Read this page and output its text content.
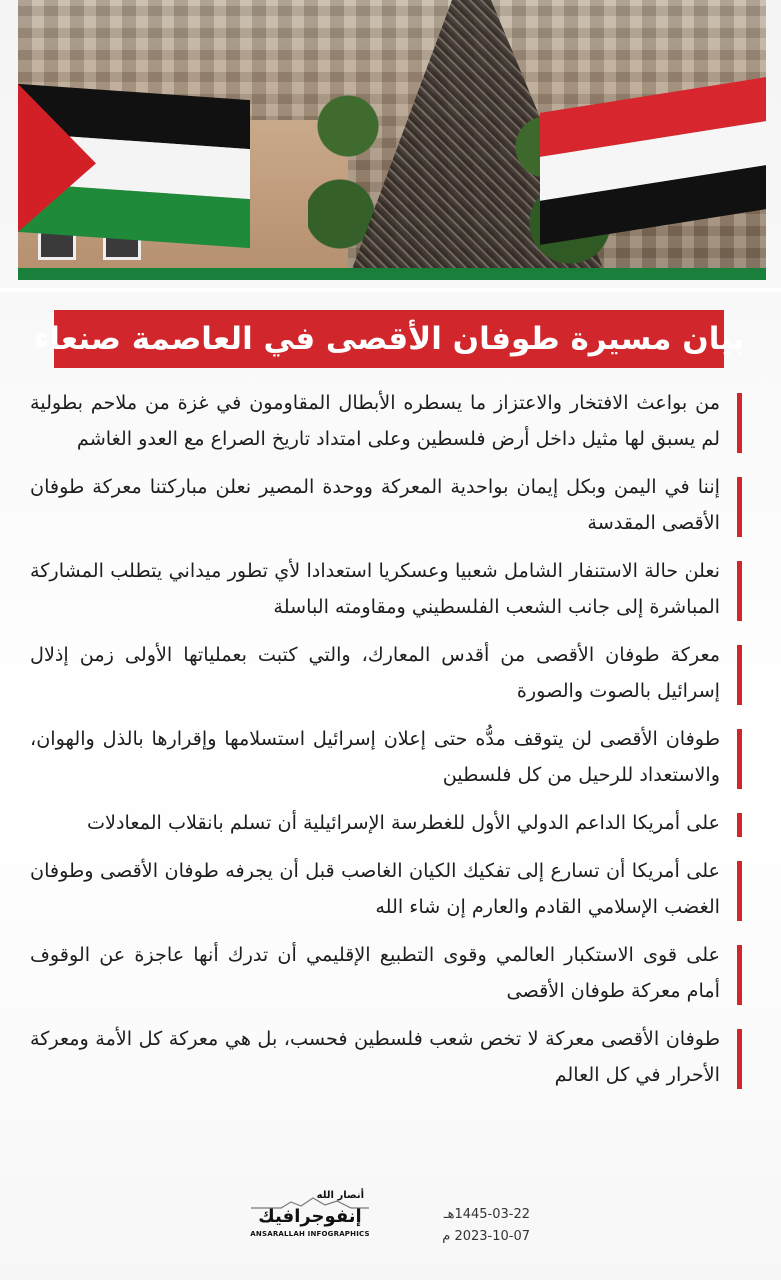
بيان مسيرة طوفان الأقصى في العاصمة صنعاء
من بواعث الافتخار والاعتزاز ما يسطره الأبطال المقاومون في غزة من ملاحم بطولية لم يسبق لها مثيل داخل أرض فلسطين وعلى امتداد تاريخ الصراع مع العدو الغاشم
إننا في اليمن وبكل إيمان بواحدية المعركة ووحدة المصير نعلن مباركتنا معركة طوفان الأقصى المقدسة
نعلن حالة الاستنفار الشامل شعبيا وعسكريا استعدادا لأي تطور ميداني يتطلب المشاركة المباشرة إلى جانب الشعب الفلسطيني ومقاومته الباسلة
معركة طوفان الأقصى من أقدس المعارك، والتي كتبت بعملياتها الأولى زمن إذلال إسرائيل بالصوت والصورة
طوفان الأقصى لن يتوقف مدُّه حتى إعلان إسرائيل استسلامها وإقرارها بالذل والهوان، والاستعداد للرحيل من كل فلسطين
على أمريكا الداعم الدولي الأول للغطرسة الإسرائيلية أن تسلم بانقلاب المعادلات
على أمريكا أن تسارع إلى تفكيك الكيان الغاصب قبل أن يجرفه طوفان الأقصى وطوفان الغضب الإسلامي القادم والعارم إن شاء الله
على قوى الاستكبار العالمي وقوى التطبيع الإقليمي أن تدرك أنها عاجزة عن الوقوف أمام معركة طوفان الأقصى
طوفان الأقصى معركة لا تخص شعب فلسطين فحسب، بل هي معركة كل الأمة ومعركة الأحرار في كل العالم
أنصار الله
إنفوجرافيك
ANSARALLAH INFOGRAPHICS
1445-03-22هـ
2023-10-07 م
